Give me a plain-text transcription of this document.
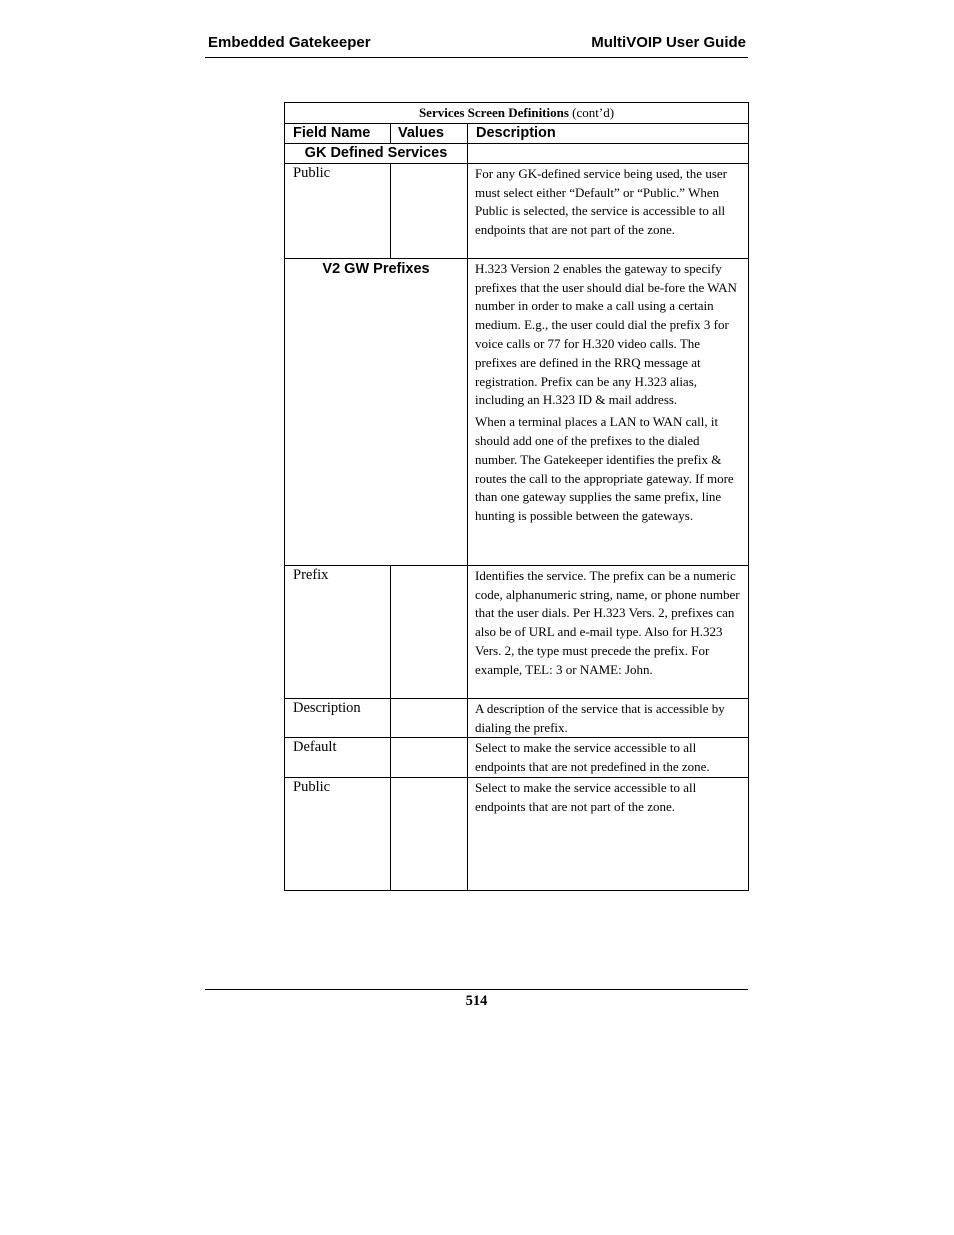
Embedded Gatekeeper	MultiVOIP User Guide
Services Screen Definitions (cont’d)		
Field Name	Values	Description
GK Defined Services		
Public		For any GK-defined service being used, the user must select either “Default” or “Public.” When Public is selected, the service is accessible to all endpoints that are not part of the zone.

V2 GW Prefixes		H.323 Version 2 enables the gateway to specify prefixes that the user should dial be-fore the WAN number in order to make a call using a certain medium. E.g., the user could dial the prefix 3 for voice calls or 77 for H.320 video calls. The prefixes are defined in the RRQ message at registration. Prefix can be any H.323 alias, including an H.323 ID & mail address.

When a terminal places a LAN to WAN call, it should add one of the prefixes to the dialed number. The Gatekeeper identifies the prefix & routes the call to the appropriate gateway. If more than one gateway supplies the same prefix, line hunting is possible between the gateways.

Prefix		Identifies the service. The prefix can be a numeric code, alphanumeric string, name, or phone number that the user dials. Per H.323 Vers. 2, prefixes can also be of URL and e-mail type. Also for H.323 Vers. 2, the type must precede the prefix. For example, TEL: 3 or NAME: John.

Description		A description of the service that is accessible by dialing the prefix.

Default		Select to make the service accessible to all endpoints that are not predefined in the zone.

Public		Select to make the service accessible to all endpoints that are not part of the zone.

514
